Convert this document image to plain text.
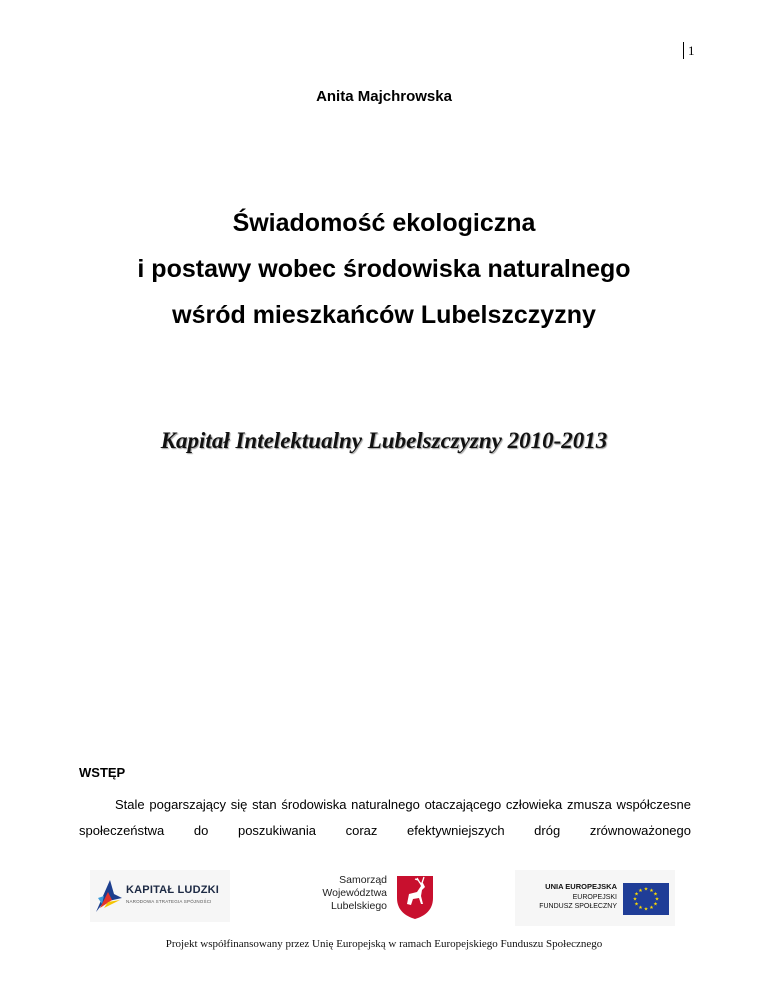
1
Anita Majchrowska
Świadomość ekologiczna
i postawy wobec środowiska naturalnego
wśród mieszkańców Lubelszczyzny
Kapitał Intelektualny Lubelszczyzny 2010-2013
WSTĘP
Stale pogarszający się stan środowiska naturalnego otaczającego człowieka zmusza współczesne społeczeństwa do poszukiwania coraz efektywniejszych dróg zrównoważonego
KAPITAŁ LUDZKI
NARODOWA STRATEGIA SPÓJNOŚCI
Samorząd
Województwa
Lubelskiego
UNIA EUROPEJSKA
EUROPEJSKI
FUNDUSZ SPOŁECZNY
★ ★
★
★
★
★
★
★
★
★
★
★
Projekt współfinansowany przez Unię Europejską w ramach Europejskiego Funduszu Społecznego
